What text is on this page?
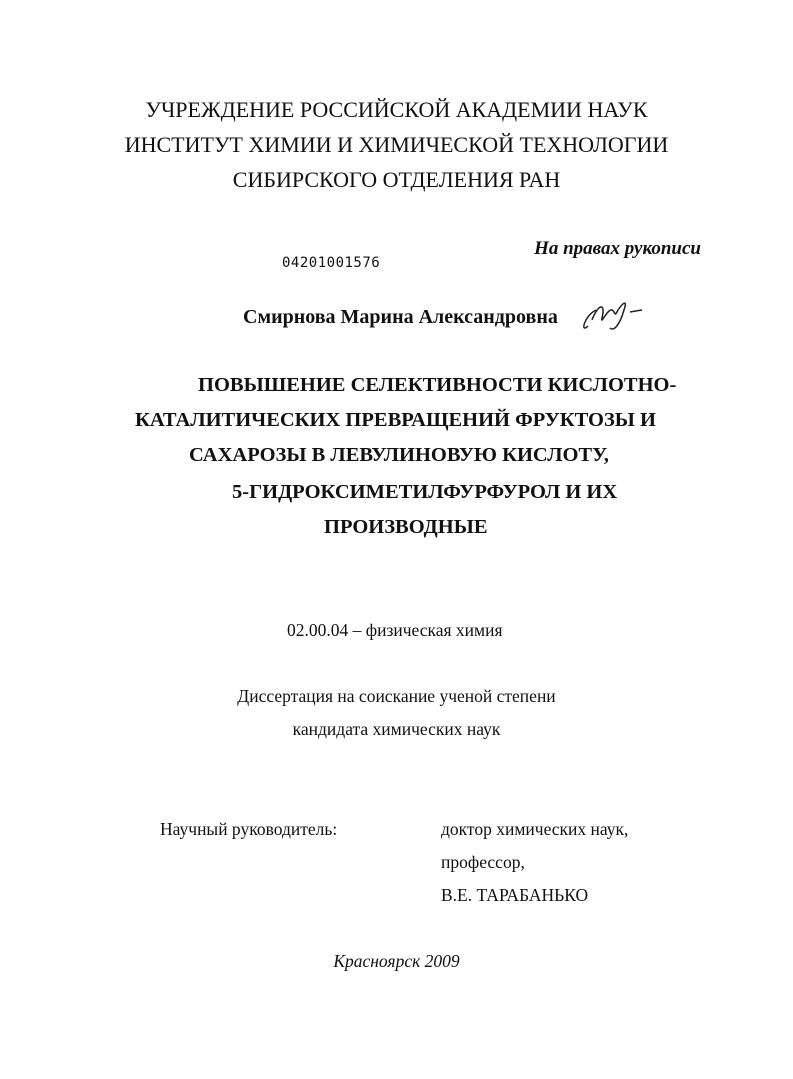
УЧРЕЖДЕНИЕ РОССИЙСКОЙ АКАДЕМИИ НАУК
ИНСТИТУТ ХИМИИ И ХИМИЧЕСКОЙ ТЕХНОЛОГИИ
СИБИРСКОГО ОТДЕЛЕНИЯ РАН
На правах рукописи
04201001576
Смирнова Марина Александровна
ПОВЫШЕНИЕ СЕЛЕКТИВНОСТИ КИСЛОТНО-
КАТАЛИТИЧЕСКИХ ПРЕВРАЩЕНИЙ ФРУКТОЗЫ И
САХАРОЗЫ В ЛЕВУЛИНОВУЮ КИСЛОТУ,
5-ГИДРОКСИМЕТИЛФУРФУРОЛ И ИХ
ПРОИЗВОДНЫЕ
02.00.04 – физическая химия
Диссертация на соискание ученой степени
кандидата химических наук
Научный руководитель:	доктор химических наук,
профессор,
В.Е. ТАРАБАНЬКО
Красноярск 2009
